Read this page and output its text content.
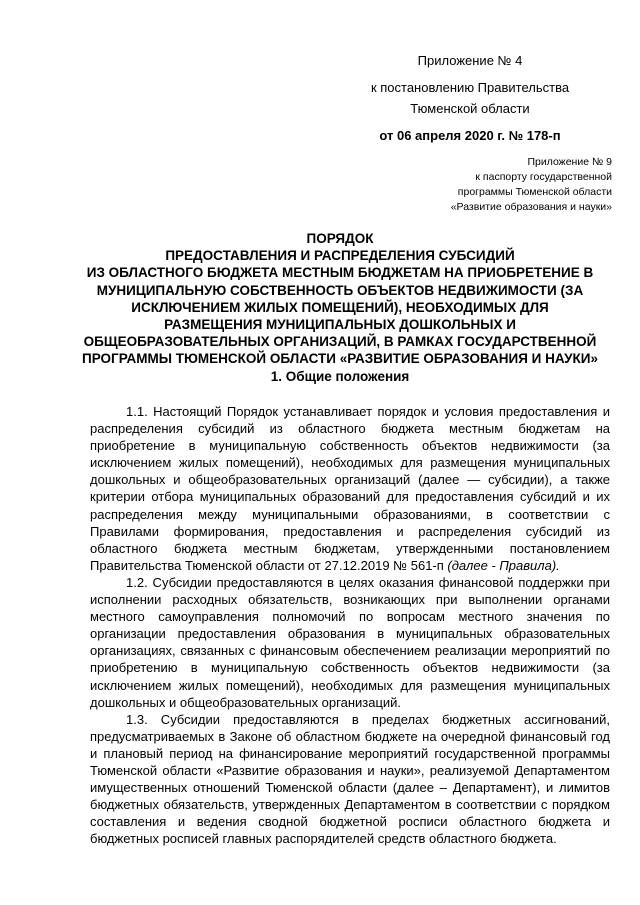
Приложение № 4
к постановлению Правительства
Тюменской области
от 06 апреля 2020 г. № 178-п
Приложение № 9
к паспорту государственной
программы Тюменской области
«Развитие образования и науки»
ПОРЯДОК
ПРЕДОСТАВЛЕНИЯ И РАСПРЕДЕЛЕНИЯ СУБСИДИЙ
ИЗ ОБЛАСТНОГО БЮДЖЕТА МЕСТНЫМ БЮДЖЕТАМ НА ПРИОБРЕТЕНИЕ В
МУНИЦИПАЛЬНУЮ СОБСТВЕННОСТЬ ОБЪЕКТОВ НЕДВИЖИМОСТИ (ЗА
ИСКЛЮЧЕНИЕМ ЖИЛЫХ ПОМЕЩЕНИЙ), НЕОБХОДИМЫХ ДЛЯ
РАЗМЕЩЕНИЯ МУНИЦИПАЛЬНЫХ ДОШКОЛЬНЫХ И
ОБЩЕОБРАЗОВАТЕЛЬНЫХ ОРГАНИЗАЦИЙ, В РАМКАХ ГОСУДАРСТВЕННОЙ
ПРОГРАММЫ ТЮМЕНСКОЙ ОБЛАСТИ «РАЗВИТИЕ ОБРАЗОВАНИЯ И НАУКИ»
1. Общие положения

1.1. Настоящий Порядок устанавливает порядок и условия предоставления и распределения субсидий из областного бюджета местным бюджетам на приобретение в муниципальную собственность объектов недвижимости (за исключением жилых помещений), необходимых для размещения муниципальных дошкольных и общеобразовательных организаций (далее — субсидии), а также критерии отбора муниципальных образований для предоставления субсидий и их распределения между муниципальными образованиями, в соответствии с Правилами формирования, предоставления и распределения субсидий из областного бюджета местным бюджетам, утвержденными постановлением Правительства Тюменской области от 27.12.2019 № 561-п (далее - Правила).

1.2. Субсидии предоставляются в целях оказания финансовой поддержки при исполнении расходных обязательств, возникающих при выполнении органами местного самоуправления полномочий по вопросам местного значения по организации предоставления образования в муниципальных образовательных организациях, связанных с финансовым обеспечением реализации мероприятий по приобретению в муниципальную собственность объектов недвижимости (за исключением жилых помещений), необходимых для размещения муниципальных дошкольных и общеобразовательных организаций.

1.3. Субсидии предоставляются в пределах бюджетных ассигнований, предусматриваемых в Законе об областном бюджете на очередной финансовый год и плановый период на финансирование мероприятий государственной программы Тюменской области «Развитие образования и науки», реализуемой Департаментом имущественных отношений Тюменской области (далее – Департамент), и лимитов бюджетных обязательств, утвержденных Департаментом в соответствии с порядком составления и ведения сводной бюджетной росписи областного бюджета и бюджетных росписей главных распорядителей средств областного бюджета.
